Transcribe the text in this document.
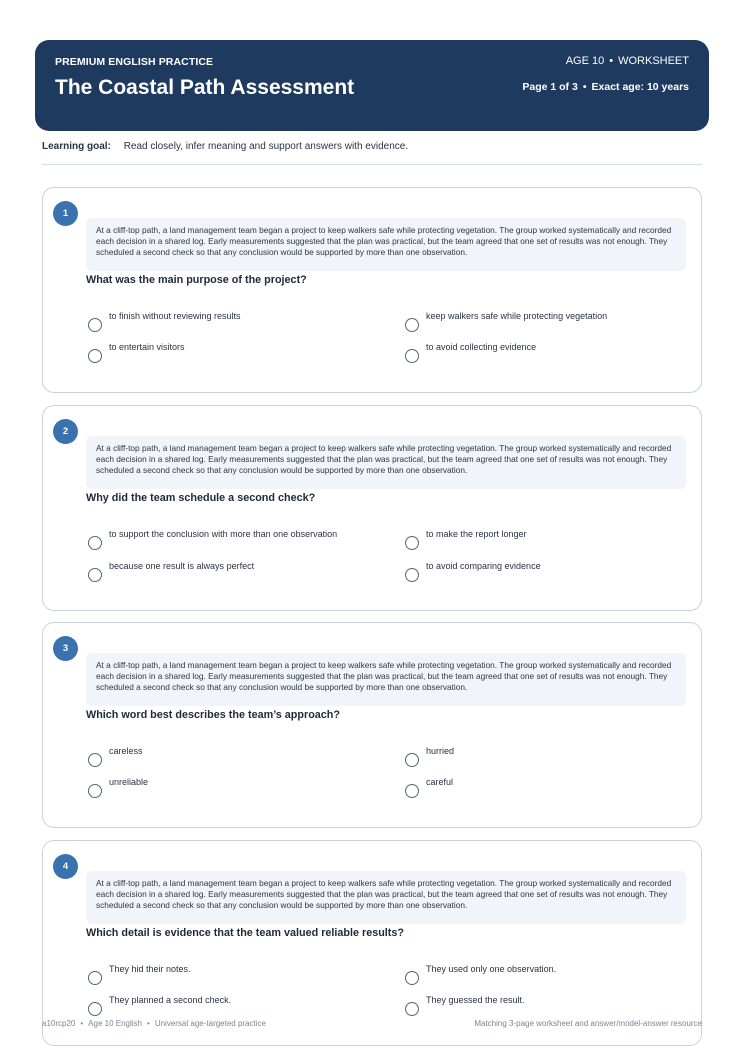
PREMIUM ENGLISH PRACTICE
The Coastal Path Assessment
AGE 10 • WORKSHEET
Page 1 of 3 • Exact age: 10 years
Learning goal: Read closely, infer meaning and support answers with evidence.
1
At a cliff-top path, a land management team began a project to keep walkers safe while protecting vegetation. The group worked systematically and recorded each decision in a shared log. Early measurements suggested that the plan was practical, but the team agreed that one set of results was not enough. They scheduled a second check so that any conclusion would be supported by more than one observation.
What was the main purpose of the project?
to finish without reviewing results	keep walkers safe while protecting vegetation
to entertain visitors	to avoid collecting evidence
2
At a cliff-top path, a land management team began a project to keep walkers safe while protecting vegetation. The group worked systematically and recorded each decision in a shared log. Early measurements suggested that the plan was practical, but the team agreed that one set of results was not enough. They scheduled a second check so that any conclusion would be supported by more than one observation.
Why did the team schedule a second check?
to support the conclusion with more than one observation	to make the report longer
because one result is always perfect	to avoid comparing evidence
3
At a cliff-top path, a land management team began a project to keep walkers safe while protecting vegetation. The group worked systematically and recorded each decision in a shared log. Early measurements suggested that the plan was practical, but the team agreed that one set of results was not enough. They scheduled a second check so that any conclusion would be supported by more than one observation.
Which word best describes the team’s approach?
careless	hurried
unreliable	careful
4
At a cliff-top path, a land management team began a project to keep walkers safe while protecting vegetation. The group worked systematically and recorded each decision in a shared log. Early measurements suggested that the plan was practical, but the team agreed that one set of results was not enough. They scheduled a second check so that any conclusion would be supported by more than one observation.
Which detail is evidence that the team valued reliable results?
They hid their notes.	They used only one observation.
They planned a second check.	They guessed the result.
a10rcp20 • Age 10 English • Universal age-targeted practice	Matching 3-page worksheet and answer/model-answer resource
